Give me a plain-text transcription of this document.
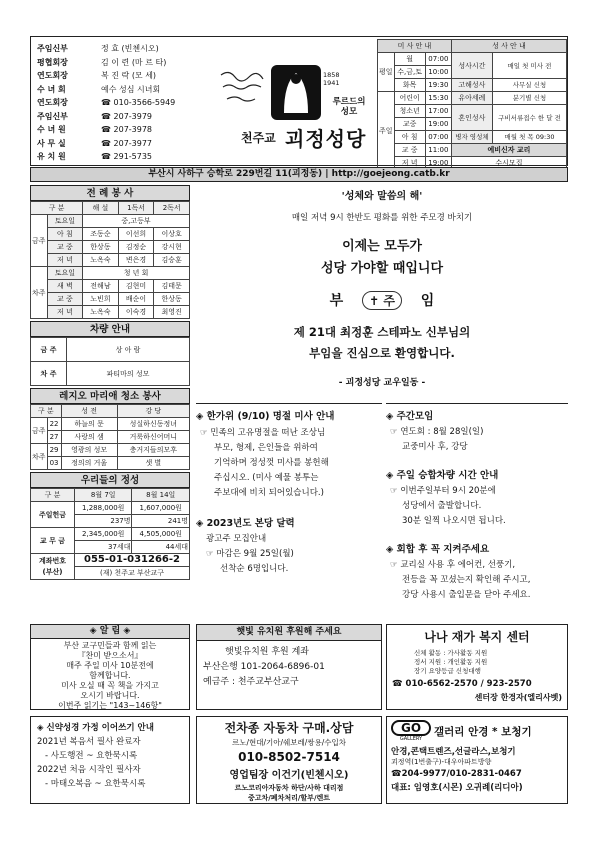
주임신부	정 효 (빈첸시오)
평협회장	김 이 련 (마 르 타)
연도회장	복 진 락 (모 세)
수 녀 회	예수 성심 시녀회
연도회장	☎ 010-3566-5949
주임신부	☎ 207-3979
수 녀 원	☎ 207-3978
사 무 실	☎ 207-3977
유 치 원	☎ 291-5735
1858
1941
루르드의
성모
천주교 괴정성당
미 사 안 내			성 사 안 내	
평일	월	07:00	성사시간	매일 첫 미사 전
	수,금,토	10:00		
	화목	19:30	고해성사	사무실 신청
주일	어린이	15:30	유아세례	분기별 신청
	청소년	17:00	혼인성사	구비서류접수 한 달 전
	교중	19:00		
	아 침	07:00	병자 영성체	매월 첫 목 09:30
	교 중	11:00	예비신자 교리	
	저 녁	19:00	수시모집	
부산시 사하구 승학로 229번길 11(괴정동) | http://goejeong.catb.kr
전 례 봉 사
구 분		해 설	1독서	2독서
금주	토요일	중,고등부		
	아 침	조동순	이선희	이상호
	교 중	한상동	김정순	강시현
	저 녁	노옥숙	변은경	김승훈
차주	토요일	청 년 회		
	새 벽	전해남	김현미	김태문
	교 중	노빈희	배순이	한상동
	저 녁	노옥숙	이숙경	최영진
차량 안내
금 주	상 아 람
차 주	파티마의 성모
레지오 마리애 청소 봉사
구 분		성 전	강 당
금주	22	하늘의 문	성실하신동정녀
	27	사랑의 샘	거룩하신어머니
차주	29	영광의 성모	충거지들의모후
	03	정의의 거울	샛 별
우리들의 정성
구 분	8월 7일	8월 14일
주일헌금	1,288,000원	1,607,000원
	237명	241명
교 무 금	2,345,000원	4,505,000원
	37세대	44세대
계좌번호
(부산)	055-01-031266-2	
	(재) 천주교 부산교구	
'성체와 말씀의 해'
매일 저녁 9시 한반도 평화를 위한 주모경 바치기
이제는 모두가
성당 가야할 때입니다
부 ✝ 주 임
제 21대 최정훈 스테파노 신부님의
부임을 진심으로 환영합니다.
- 괴정성당 교우일동 -
◈ 한가위 (9/10) 명절 미사 안내
☞ 민족의 고유명절을 떠난 조상님
부모, 형제, 은인들을 위하여
기억하며 정성껏 미사를 봉헌해
주십시오. (미사 예물 봉투는
주보대에 비치 되어있습니다.)
◈ 2023년도 본당 달력
광고주 모집안내
☞ 마감은 9월 25일(월)
선착순 6명입니다.
◈ 주간모임
☞ 연도회 : 8월 28일(일)
교중미사 후, 강당
◈ 주일 승합차량 시간 안내
☞ 이번주일부터 9시 20분에
성당에서 출발합니다.
30분 일찍 나오시면 됩니다.
◈ 회합 후 꼭 지켜주세요
☞ 교리실 사용 후 에어컨, 선풍기,
전등을 꼭 꼬셨는지 확인해 주시고,
강당 사용시 출입문을 닫아 주세요.
◈ 알 림 ◈
부산 교구민들과 함께 읽는
『찬미 받으소서』
매주 주일 미사 10분전에
함께합니다.
미사 오실 때 꼭 책을 가지고
오시기 바랍니다.
이번주 읽기는 "143~146항"
햇빛 유치원 후원해 주세요
햇빛유치원 후원 계좌
부산은행 101-2064-6896-01
예금주 : 천주교부산교구
나나 재가 복지 센터
신체 활동 : 가사활동 지원
정서 지원 : 개인활동 지원
장기 요양등급 신청대행
☎ 010-6562-2570 / 923-2570
센터장 한경자(엘리사벳)
◈ 신약성경 가정 이어쓰기 안내
2021년 복음서 필사 완료자
- 사도행전 ~ 요한묵시록
2022년 처음 시작인 필사자
- 마태오복음 ~ 요한묵시록
전차종 자동차 구매.상담
르노/현대/기아/쉐보레/쌍용/수입차
010-8502-7514
영업팀장 이건기(빈첸시오)
르노코리아자동차 하단/사하 대리점
중고차/폐차처리/할부/렌트
GO
GALLERY
갤러리 안경 * 보청기
안경,콘택트렌즈,선글라스,보청기
괴정역(1번출구)-대우아파트방향
☎204-9977/010-2831-0467
대표: 임영호(시몬) 오귀례(리디아)
